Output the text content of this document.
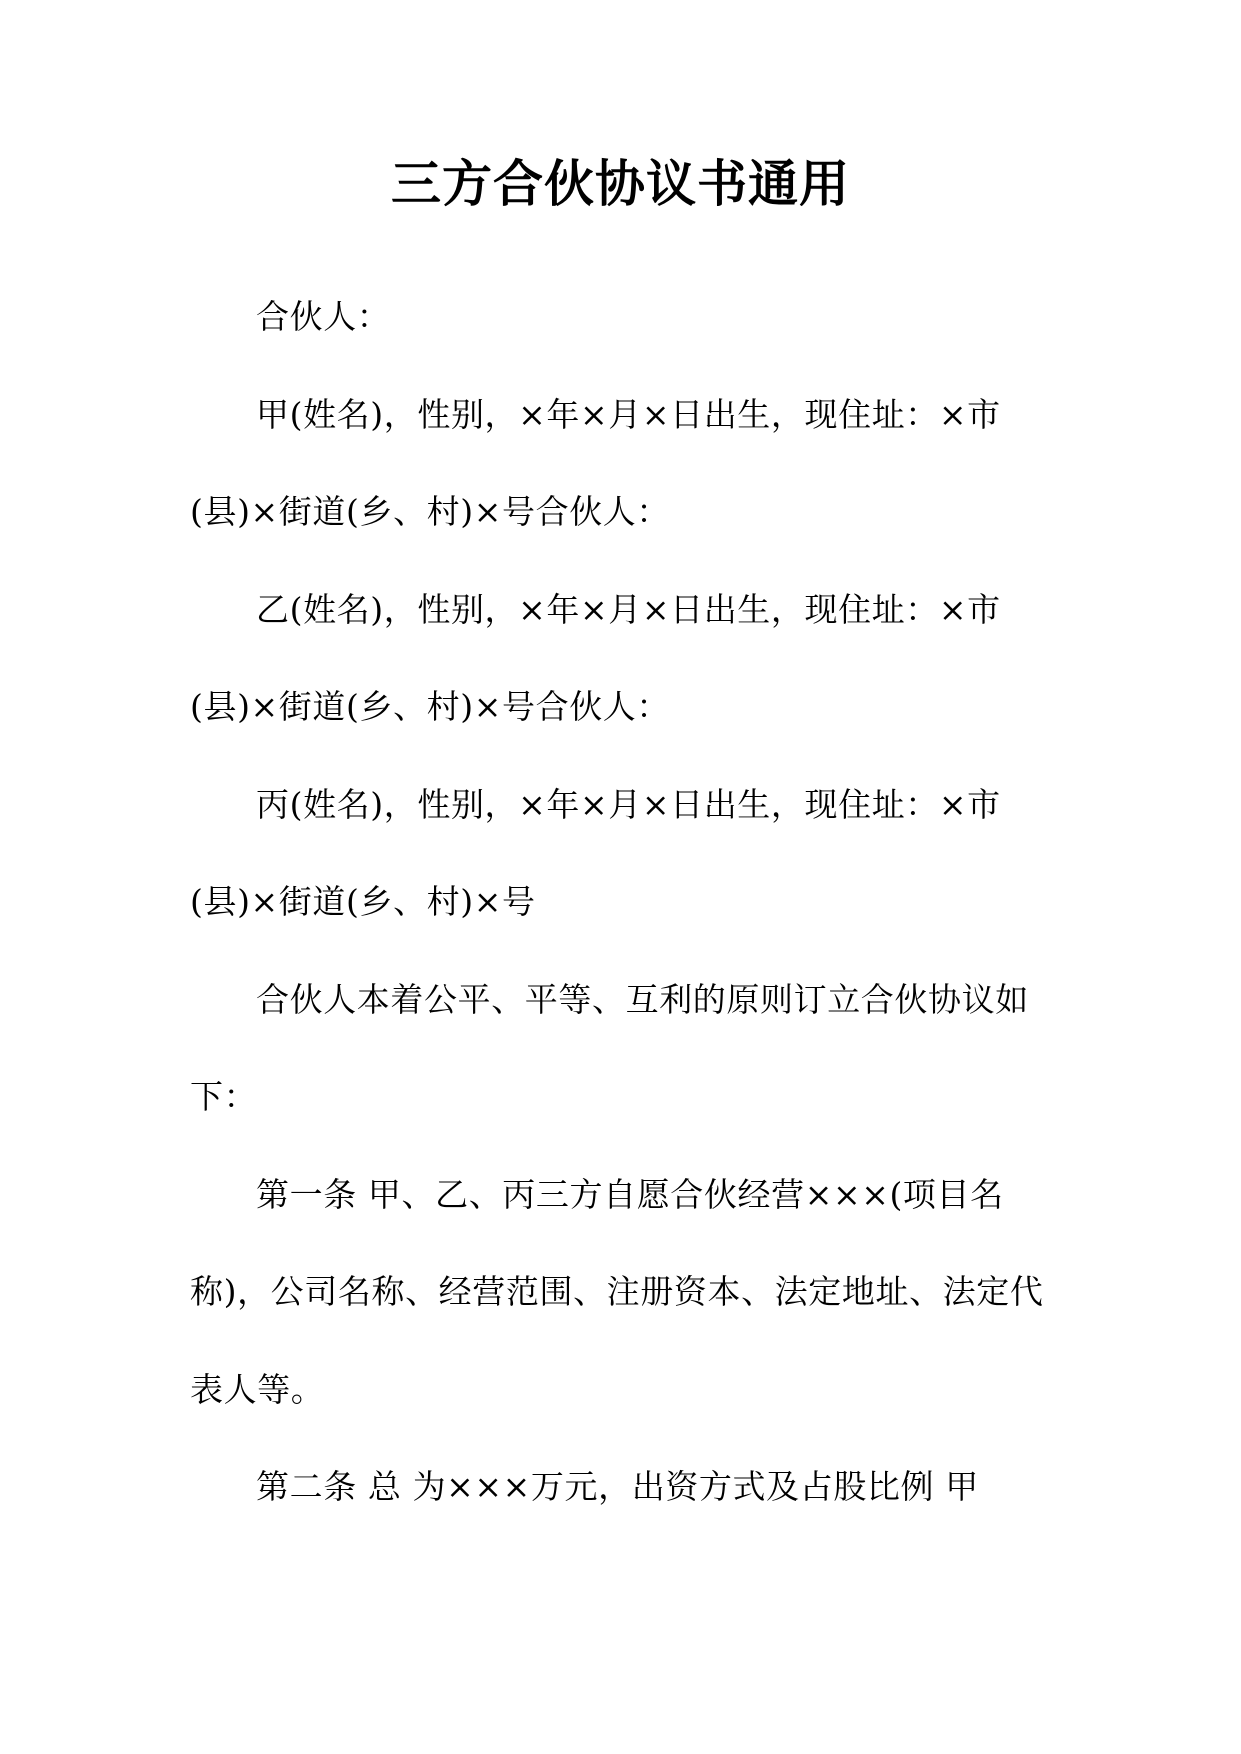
三方合伙协议书通用
合伙人：
甲(姓名)，性别，×年×月×日出生，现住址：×市
(县)×街道(乡、村)×号合伙人：
乙(姓名)，性别，×年×月×日出生，现住址：×市
(县)×街道(乡、村)×号合伙人：
丙(姓名)，性别，×年×月×日出生，现住址：×市
(县)×街道(乡、村)×号
合伙人本着公平、平等、互利的原则订立合伙协议如
下：
第一条 甲、乙、丙三方自愿合伙经营×××(项目名
称)，公司名称、经营范围、注册资本、法定地址、法定代
表人等。
第二条 总 为×××万元，出资方式及占股比例 甲
